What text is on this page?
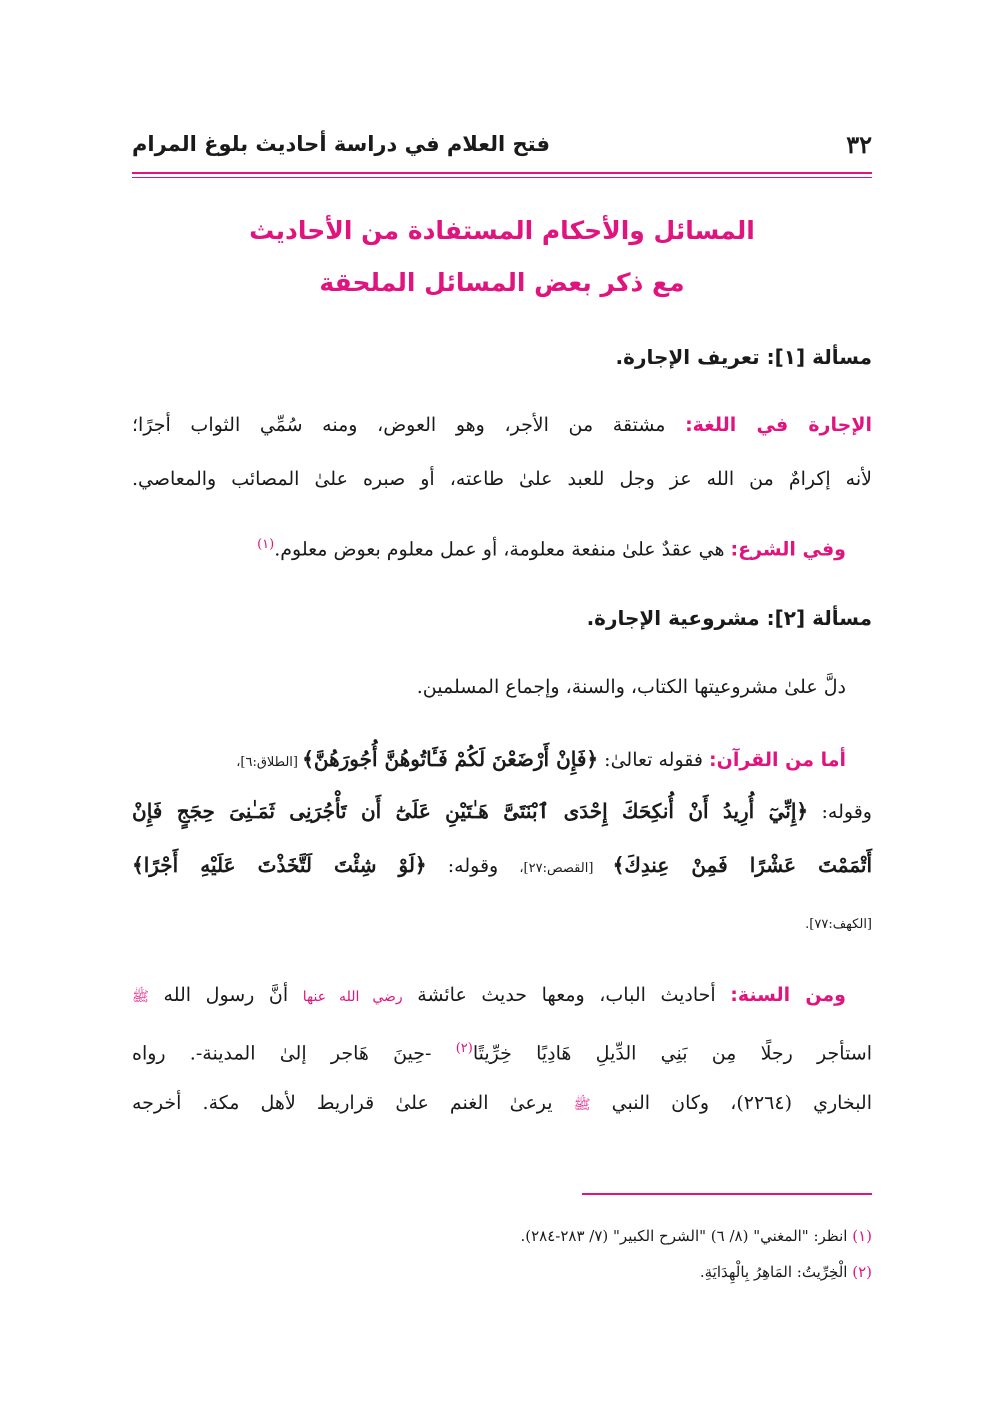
٣٢
فتح العلام في دراسة أحاديث بلوغ المرام
المسائل والأحكام المستفادة من الأحاديث
مع ذكر بعض المسائل الملحقة
مسألة [١]: تعريف الإجارة.
الإجارة في اللغة: مشتقة من الأجر، وهو العوض، ومنه سُمِّي الثواب أجرًا؛
لأنه إكرامٌ من الله عز وجل للعبد علىٰ طاعته، أو صبره علىٰ المصائب والمعاصي.
وفي الشرع: هي عقدٌ علىٰ منفعة معلومة، أو عمل معلوم بعوض معلوم.$^{(١)}$
مسألة [٢]: مشروعية الإجارة.
دلَّ علىٰ مشروعيتها الكتاب، والسنة، وإجماع المسلمين.
أما من القرآن: فقوله تعالىٰ: ﴿فَإِنْ أَرْضَعْنَ لَكُمْ فَـَٔاتُوهُنَّ أُجُورَهُنَّ﴾ [الطلاق:٦]،
وقوله: ﴿إِنِّيٓ أُرِيدُ أَنْ أُنكِحَكَ إِحْدَى ٱبْنَتَىَّ هَـٰتَيْنِ عَلَىٰٓ أَن تَأْجُرَنِى ثَمَـٰنِىَ حِجَجٍ فَإِنْ
أَتْمَمْتَ عَشْرًا فَمِنْ عِندِكَ﴾ [القصص:٢٧]، وقوله: ﴿لَوْ شِئْتَ لَتَّخَذْتَ عَلَيْهِ أَجْرًا﴾
[الكهف:٧٧].
ومن السنة: أحاديث الباب، ومعها حديث عائشة رضي الله عنها أنَّ رسول الله ﷺ
استأجر رجلًا مِن بَنِي الدِّيلِ هَادِيًا خِرِّيتًا$^{(٢)}$ -حِينَ هَاجر إلىٰ المدينة-. رواه
البخاري (٢٢٦٤)، وكان النبي ﷺ يرعىٰ الغنم علىٰ قراريط لأهل مكة. أخرجه
(١) انظر: "المغني" (٨/ ٦) "الشرح الكبير" (٧/ ٢٨٣-٢٨٤).
(٢) الْخِرِّيتُ: المَاهِرُ بِالْهِدَايَةِ.
